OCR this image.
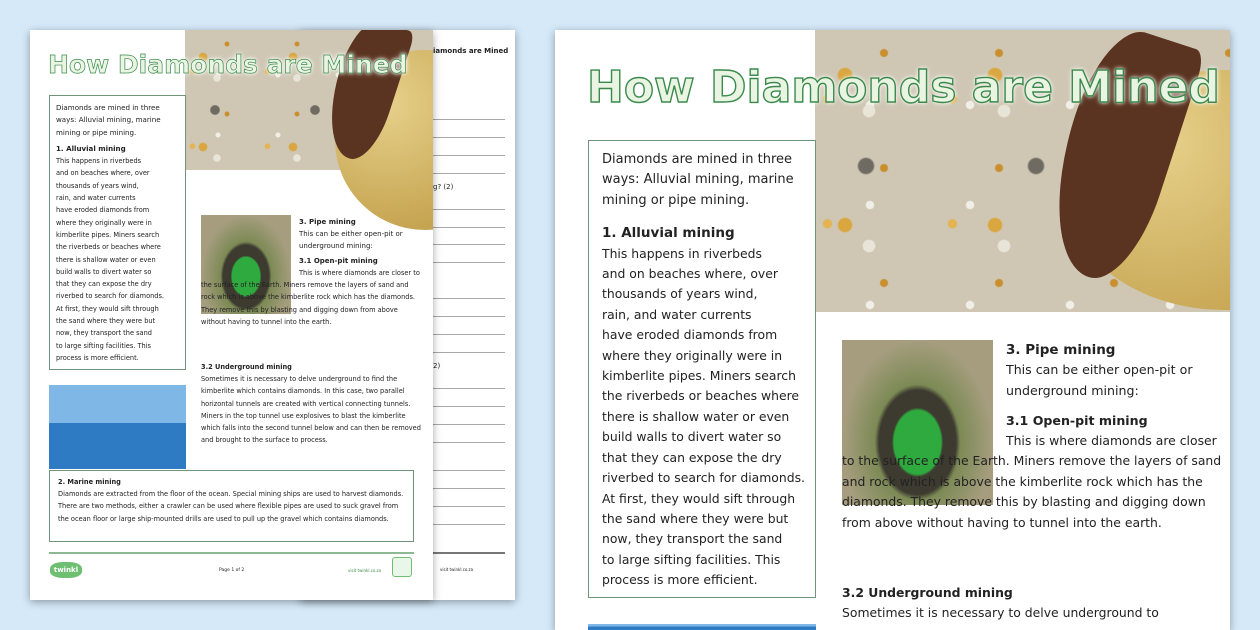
iamonds are Mined
g? (2)
2)
visit twinkl.co.za
How Diamonds are Mined
Diamonds are mined in three ways: Alluvial mining, marine mining or pipe mining.
1. Alluvial mining
This happens in riverbeds
and on beaches where, over
thousands of years wind,
rain, and water currents
have eroded diamonds from
where they originally were in
kimberlite pipes. Miners search
the riverbeds or beaches where
there is shallow water or even
build walls to divert water so
that they can expose the dry
riverbed to search for diamonds.
At first, they would sift through
the sand where they were but
now, they transport the sand
to large sifting facilities. This
process is more efficient.
3. Pipe mining
This can be either open-pit or underground mining:
3.1 Open-pit mining
This is where diamonds are closer to the surface of the Earth. Miners remove the layers of sand and rock which is above the kimberlite rock which has the diamonds. They remove this by blasting and digging down from above without having to tunnel into the earth.
3.2 Underground mining
Sometimes it is necessary to delve underground to find the kimberlite which contains diamonds. In this case, two parallel horizontal tunnels are created with vertical connecting tunnels. Miners in the top tunnel use explosives to blast the kimberlite which falls into the second tunnel below and can then be removed and brought to the surface to process.
2. Marine mining
Diamonds are extracted from the floor of the ocean. Special mining ships are used to harvest diamonds. There are two methods, either a crawler can be used where flexible pipes are used to suck gravel from the ocean floor or large ship-mounted drills are used to pull up the gravel which contains diamonds.
twinkl	Page 1 of 2	visit twinkl.co.za
How Diamonds are Mined
Diamonds are mined in three ways: Alluvial mining, marine mining or pipe mining.
1. Alluvial mining
This happens in riverbeds
and on beaches where, over
thousands of years wind,
rain, and water currents
have eroded diamonds from
where they originally were in
kimberlite pipes. Miners search
the riverbeds or beaches where
there is shallow water or even
build walls to divert water so
that they can expose the dry
riverbed to search for diamonds.
At first, they would sift through
the sand where they were but
now, they transport the sand
to large sifting facilities. This
process is more efficient.
3. Pipe mining
This can be either open-pit or underground mining:
3.1 Open-pit mining
This is where diamonds are closer to the surface of the Earth. Miners remove the layers of sand and rock which is above the kimberlite rock which has the diamonds. They remove this by blasting and digging down from above without having to tunnel into the earth.
3.2 Underground mining
Sometimes it is necessary to delve underground to
